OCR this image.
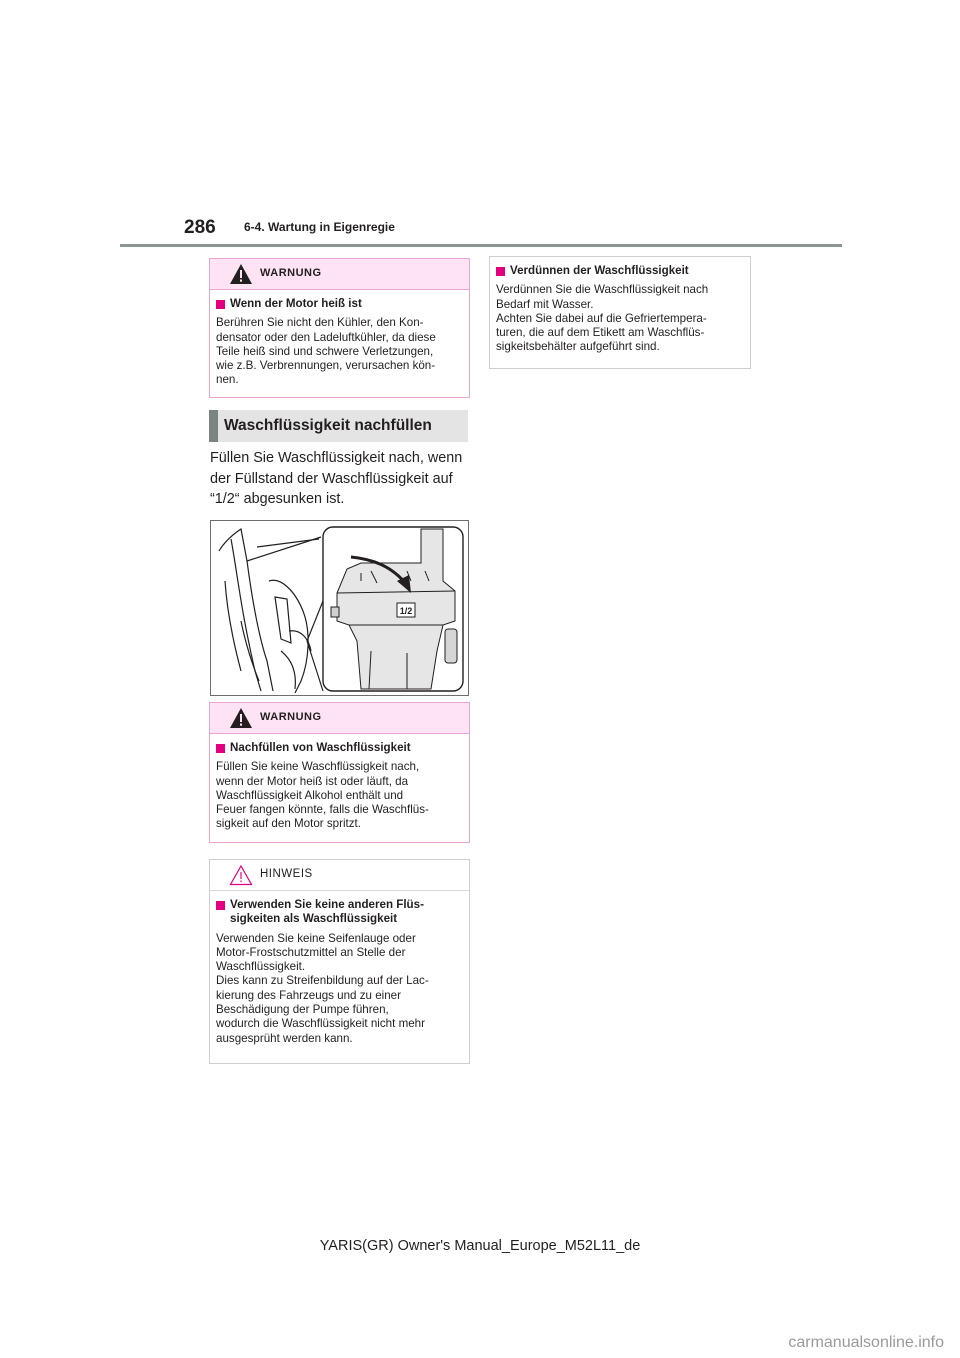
286 6-4. Wartung in Eigenregie
WARNUNG
Wenn der Motor heiß ist
Berühren Sie nicht den Kühler, den Kon-
densator oder den Ladeluftkühler, da diese
Teile heiß sind und schwere Verletzungen,
wie z.B. Verbrennungen, verursachen kön-
nen.
Waschflüssigkeit nachfüllen
Füllen Sie Waschflüssigkeit nach, wenn
der Füllstand der Waschflüssigkeit auf
“1/2“ abgesunken ist.
1/2
WARNUNG
Nachfüllen von Waschflüssigkeit
Füllen Sie keine Waschflüssigkeit nach,
wenn der Motor heiß ist oder läuft, da
Waschflüssigkeit Alkohol enthält und
Feuer fangen könnte, falls die Waschflüs-
sigkeit auf den Motor spritzt.
HINWEIS
Verwenden Sie keine anderen Flüs-
sigkeiten als Waschflüssigkeit
Verwenden Sie keine Seifenlauge oder
Motor-Frostschutzmittel an Stelle der
Waschflüssigkeit.
Dies kann zu Streifenbildung auf der Lac-
kierung des Fahrzeugs und zu einer
Beschädigung der Pumpe führen,
wodurch die Waschflüssigkeit nicht mehr
ausgesprüht werden kann.
Verdünnen der Waschflüssigkeit
Verdünnen Sie die Waschflüssigkeit nach
Bedarf mit Wasser.
Achten Sie dabei auf die Gefriertempera-
turen, die auf dem Etikett am Waschflüs-
sigkeitsbehälter aufgeführt sind.
YARIS(GR) Owner's Manual_Europe_M52L11_de
carmanualsonline.info
